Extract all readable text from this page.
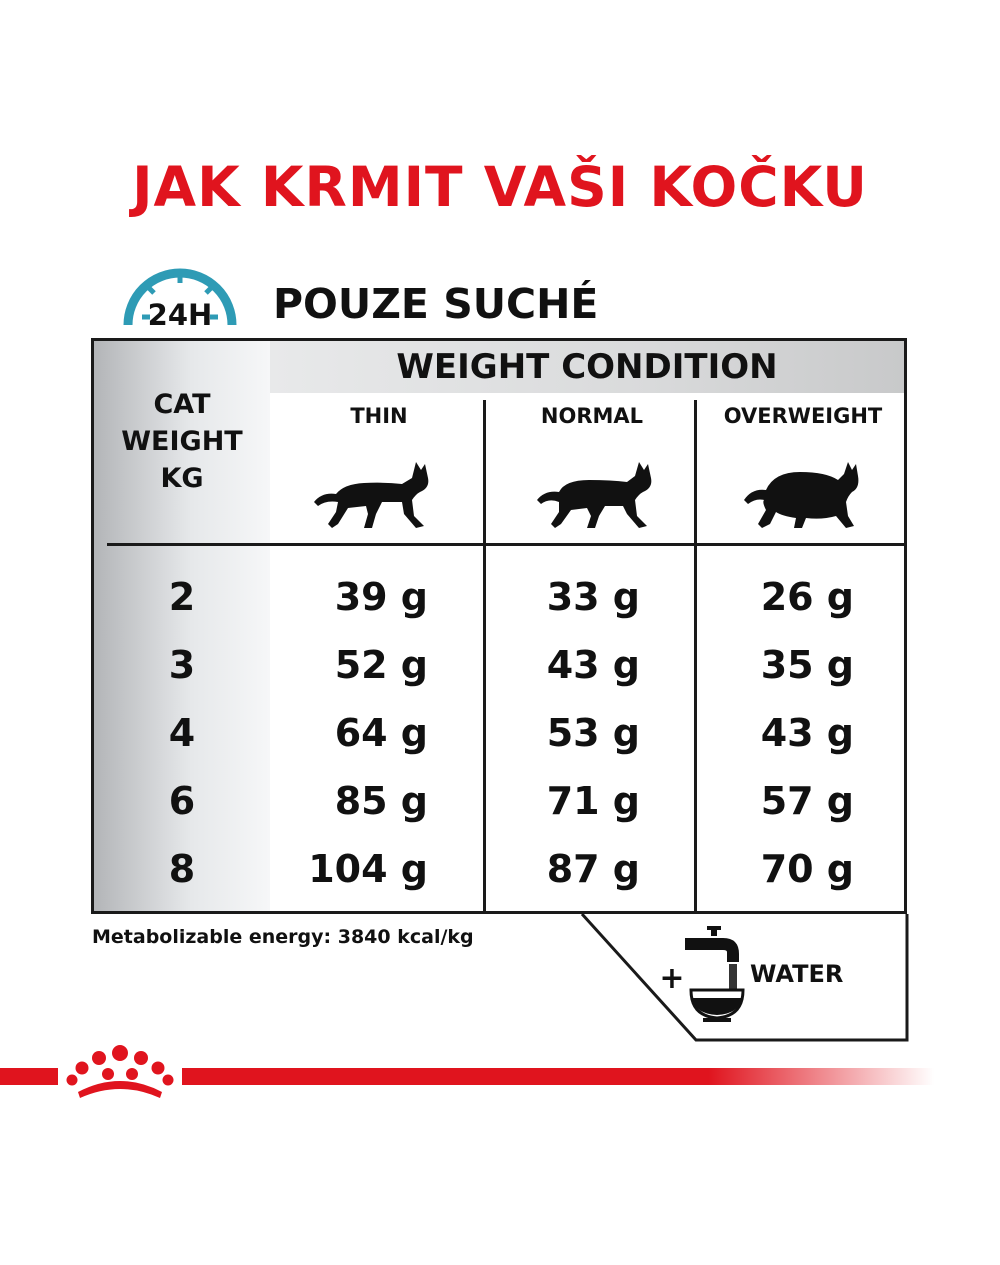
JAK KRMIT VAŠI KOČKU
24H POUZE SUCHÉ
WEIGHT CONDITION
CAT
WEIGHT
KG
THIN	NORMAL	OVERWEIGHT
2	39 g	33 g	26 g
3	52 g	43 g	35 g
4	64 g	53 g	43 g
6	85 g	71 g	57 g
8	104 g	87 g	70 g
Metabolizable energy: 3840 kcal/kg
+	WATER
